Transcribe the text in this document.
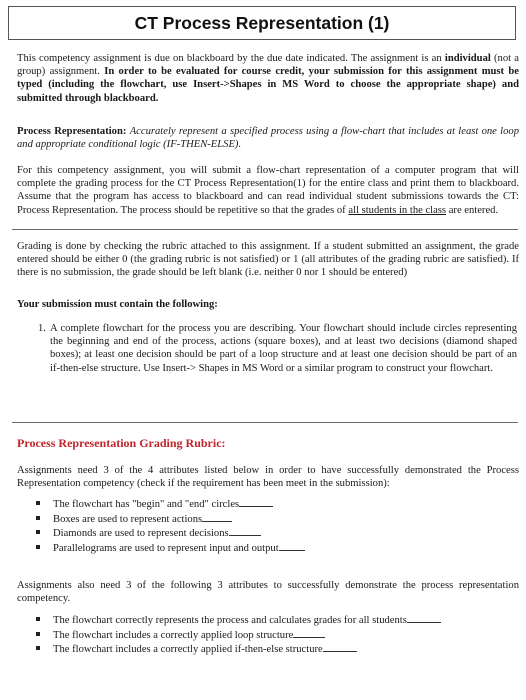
CT Process Representation (1)

This competency assignment is due on blackboard by the due date indicated. The assignment is an individual (not a group) assignment. In order to be evaluated for course credit, your submission for this assignment must be typed (including the flowchart, use Insert->Shapes in MS Word to choose the appropriate shape) and submitted through blackboard.

Process Representation: Accurately represent a specified process using a flow-chart that includes at least one loop and appropriate conditional logic (IF-THEN-ELSE).

For this competency assignment, you will submit a flow-chart representation of a computer program that will complete the grading process for the CT Process Representation(1) for the entire class and print them to blackboard. Assume that the program has access to blackboard and can read individual student submissions towards the CT: Process Representation. The process should be repetitive so that the grades of all students in the class are entered.

Grading is done by checking the rubric attached to this assignment. If a student submitted an assignment, the grade entered should be either 0 (the grading rubric is not satisfied) or 1 (all attributes of the grading rubric are satisfied). If there is no submission, the grade should be left blank (i.e. neither 0 nor 1 should be entered)

Your submission must contain the following:

1. A complete flowchart for the process you are describing. Your flowchart should include circles representing the beginning and end of the process, actions (square boxes), and at least two decisions (diamond shaped boxes); at least one decision should be part of a loop structure and at least one decision should be part of an if-then-else structure. Use Insert-> Shapes in MS Word or a similar program to construct your flowchart.

Process Representation Grading Rubric:

Assignments need 3 of the 4 attributes listed below in order to have successfully demonstrated the Process Representation competency (check if the requirement has been meet in the submission):

The flowchart has "begin" and "end" circles
Boxes are used to represent actions
Diamonds are used to represent decisions
Parallelograms are used to represent input and output

Assignments also need 3 of the following 3 attributes to successfully demonstrate the process representation competency.

The flowchart correctly represents the process and calculates grades for all students
The flowchart includes a correctly applied loop structure
The flowchart includes a correctly applied if-then-else structure
